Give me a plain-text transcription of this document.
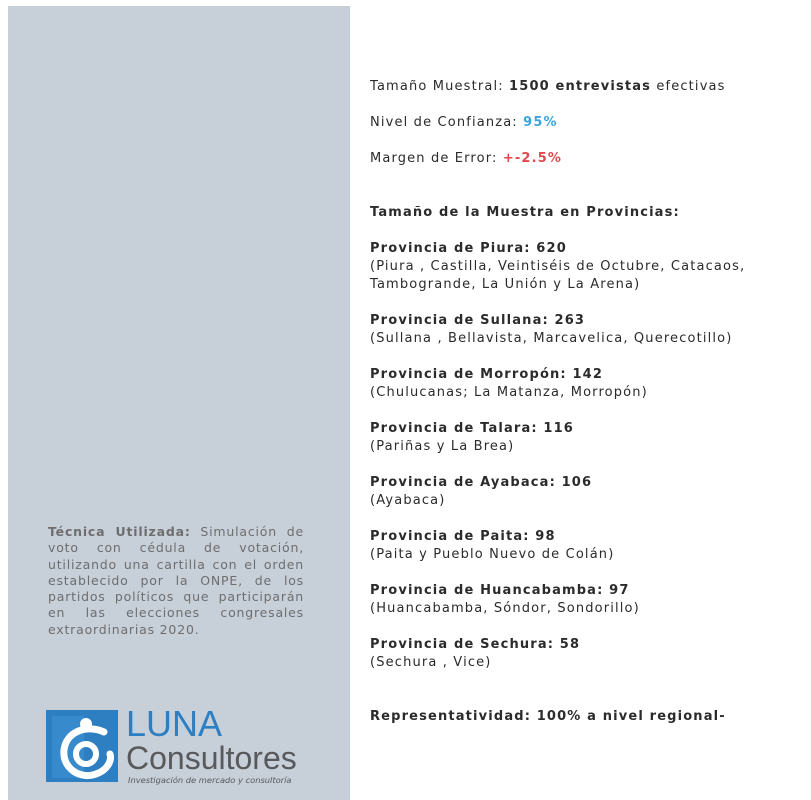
Técnica Utilizada: Simulación de voto con cédula de votación, utilizando una cartilla con el orden establecido por la ONPE, de los partidos políticos que participarán en las elecciones congresales extraordinarias 2020.

LUNA
Consultores
Investigación de mercado y consultoría
Tamaño Muestral: 1500 entrevistas efectivas
Nivel de Confianza: 95%
Margen de Error: +-2.5%
Tamaño de la Muestra en Provincias:
Provincia de Piura: 620
(Piura , Castilla, Veintiséis de Octubre, Catacaos,
Tambogrande, La Unión y La Arena)
Provincia de Sullana: 263
(Sullana , Bellavista, Marcavelica, Querecotillo)
Provincia de Morropón: 142
(Chulucanas; La Matanza, Morropón)
Provincia de Talara: 116
(Pariñas y La Brea)
Provincia de Ayabaca: 106
(Ayabaca)
Provincia de Paita: 98
(Paita y Pueblo Nuevo de Colán)
Provincia de Huancabamba: 97
(Huancabamba, Sóndor, Sondorillo)
Provincia de Sechura: 58
(Sechura , Vice)
Representatividad: 100% a nivel regional-
